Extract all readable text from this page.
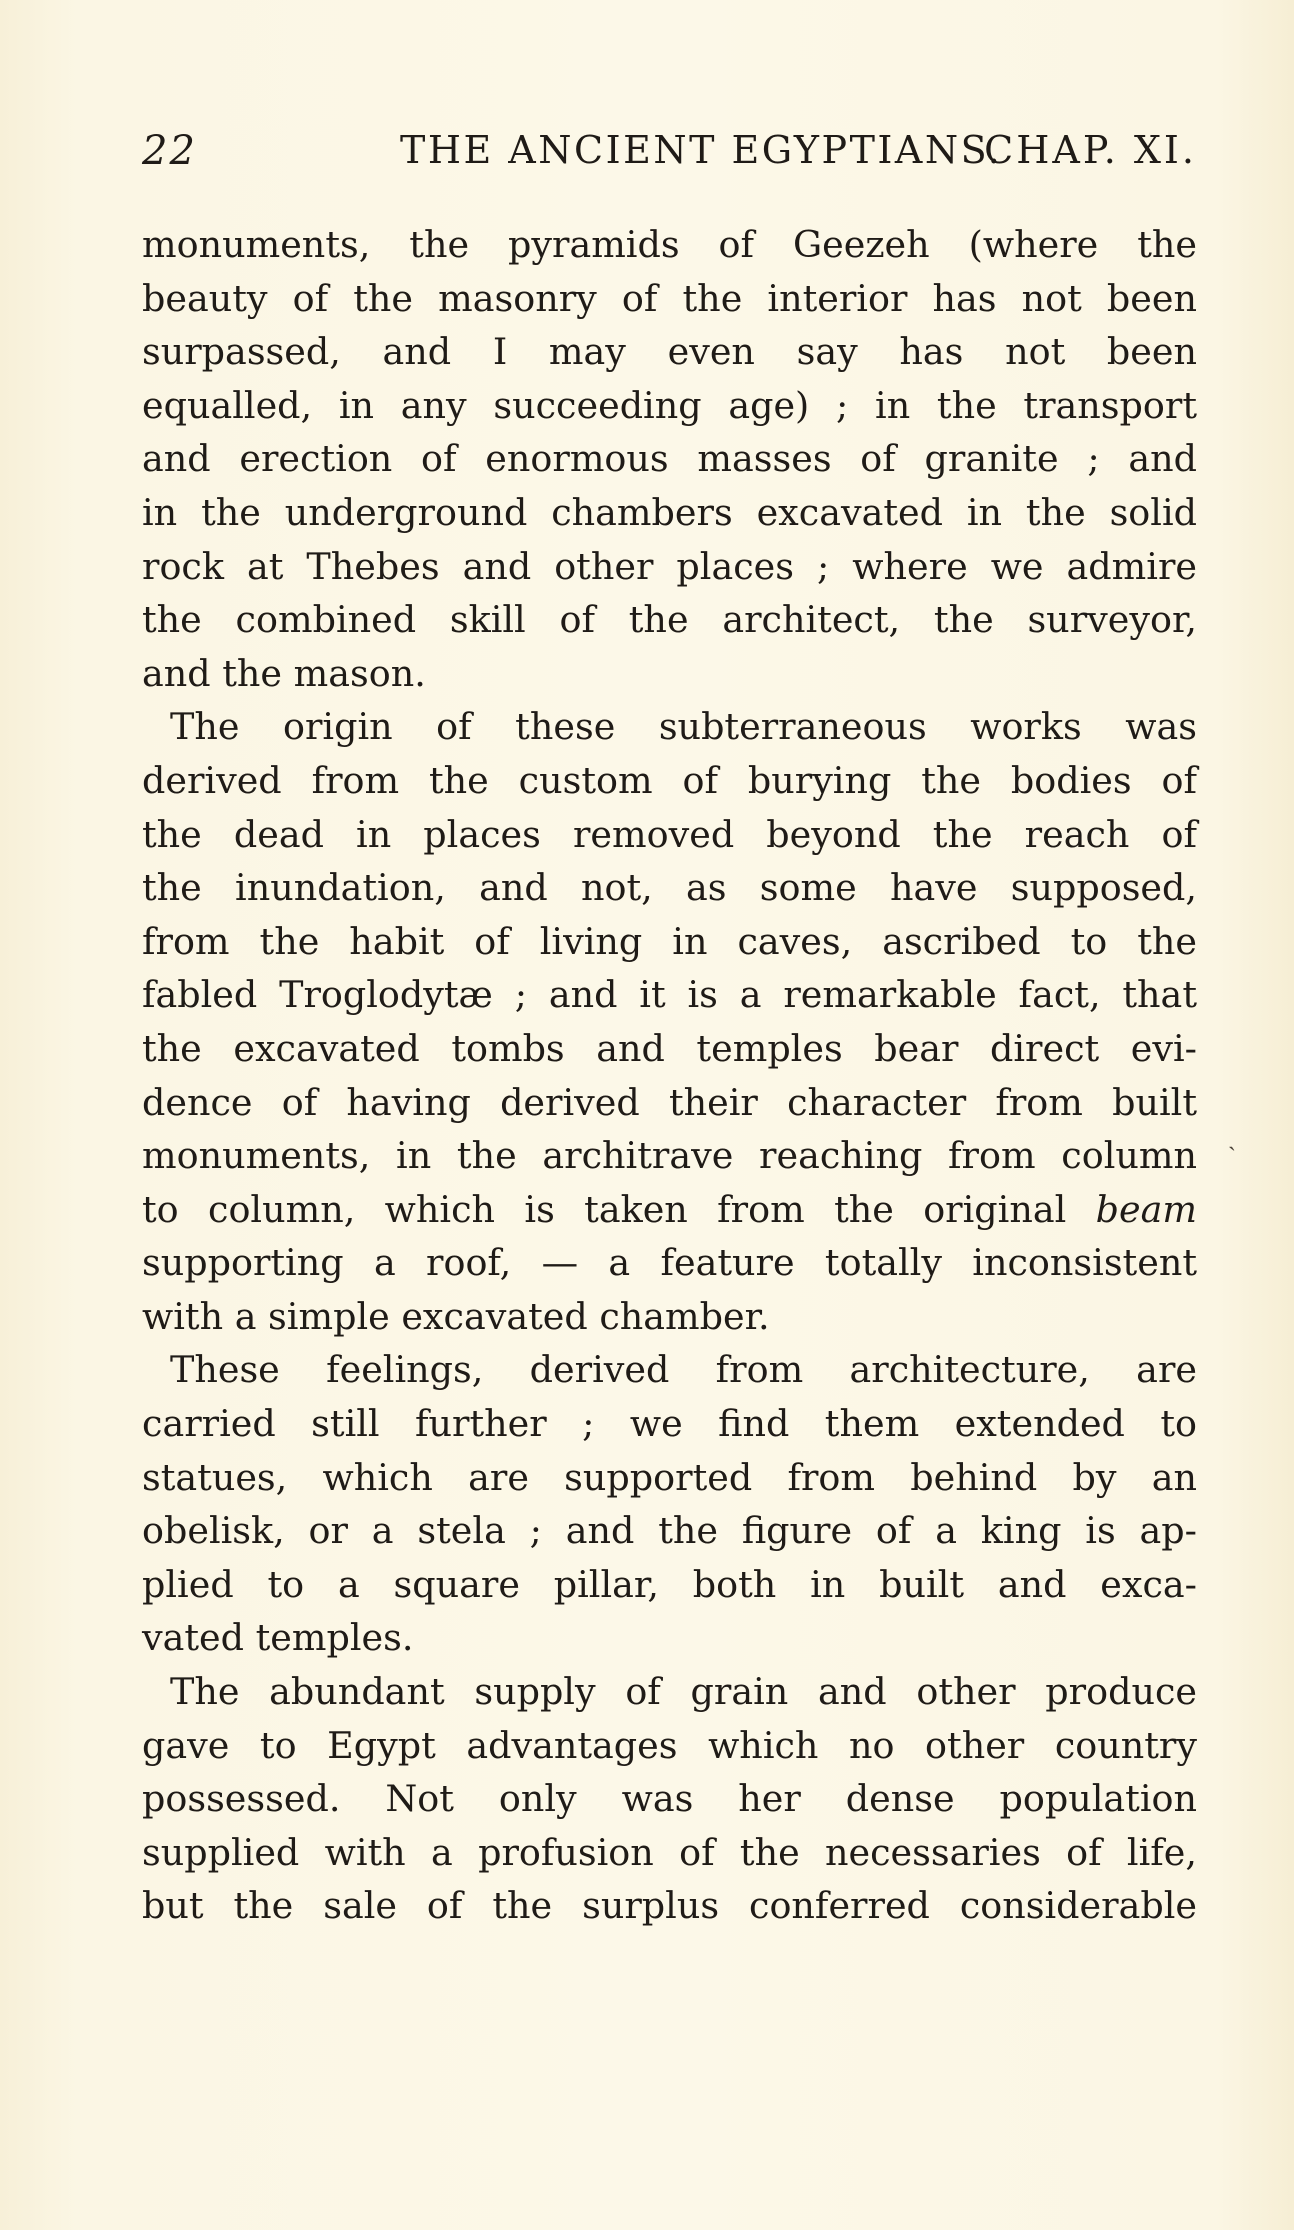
22	THE ANCIENT EGYPTIANS.
CHAP. XI.
monuments, the pyramids of Geezeh (where the
beauty of the masonry of the interior has not been
surpassed, and I may even say has not been
equalled, in any succeeding age) ; in the transport
and erection of enormous masses of granite ; and
in the underground chambers excavated in the solid
rock at Thebes and other places ; where we admire
the combined skill of the architect, the surveyor,
and the mason.
The origin of these subterraneous works was
derived from the custom of burying the bodies of
the dead in places removed beyond the reach of
the inundation, and not, as some have supposed,
from the habit of living in caves, ascribed to the
fabled Troglodytæ ; and it is a remarkable fact, that
the excavated tombs and temples bear direct evi-
dence of having derived their character from built
monuments, in the architrave reaching from column
to column, which is taken from the original beam
supporting a roof, — a feature totally inconsistent
with a simple excavated chamber.
These feelings, derived from architecture, are
carried still further ; we find them extended to
statues, which are supported from behind by an
obelisk, or a stela ; and the figure of a king is ap-
plied to a square pillar, both in built and exca-
vated temples.
The abundant supply of grain and other produce
gave to Egypt advantages which no other country
possessed. Not only was her dense population
supplied with a profusion of the necessaries of life,
but the sale of the surplus conferred considerable
ˎ
